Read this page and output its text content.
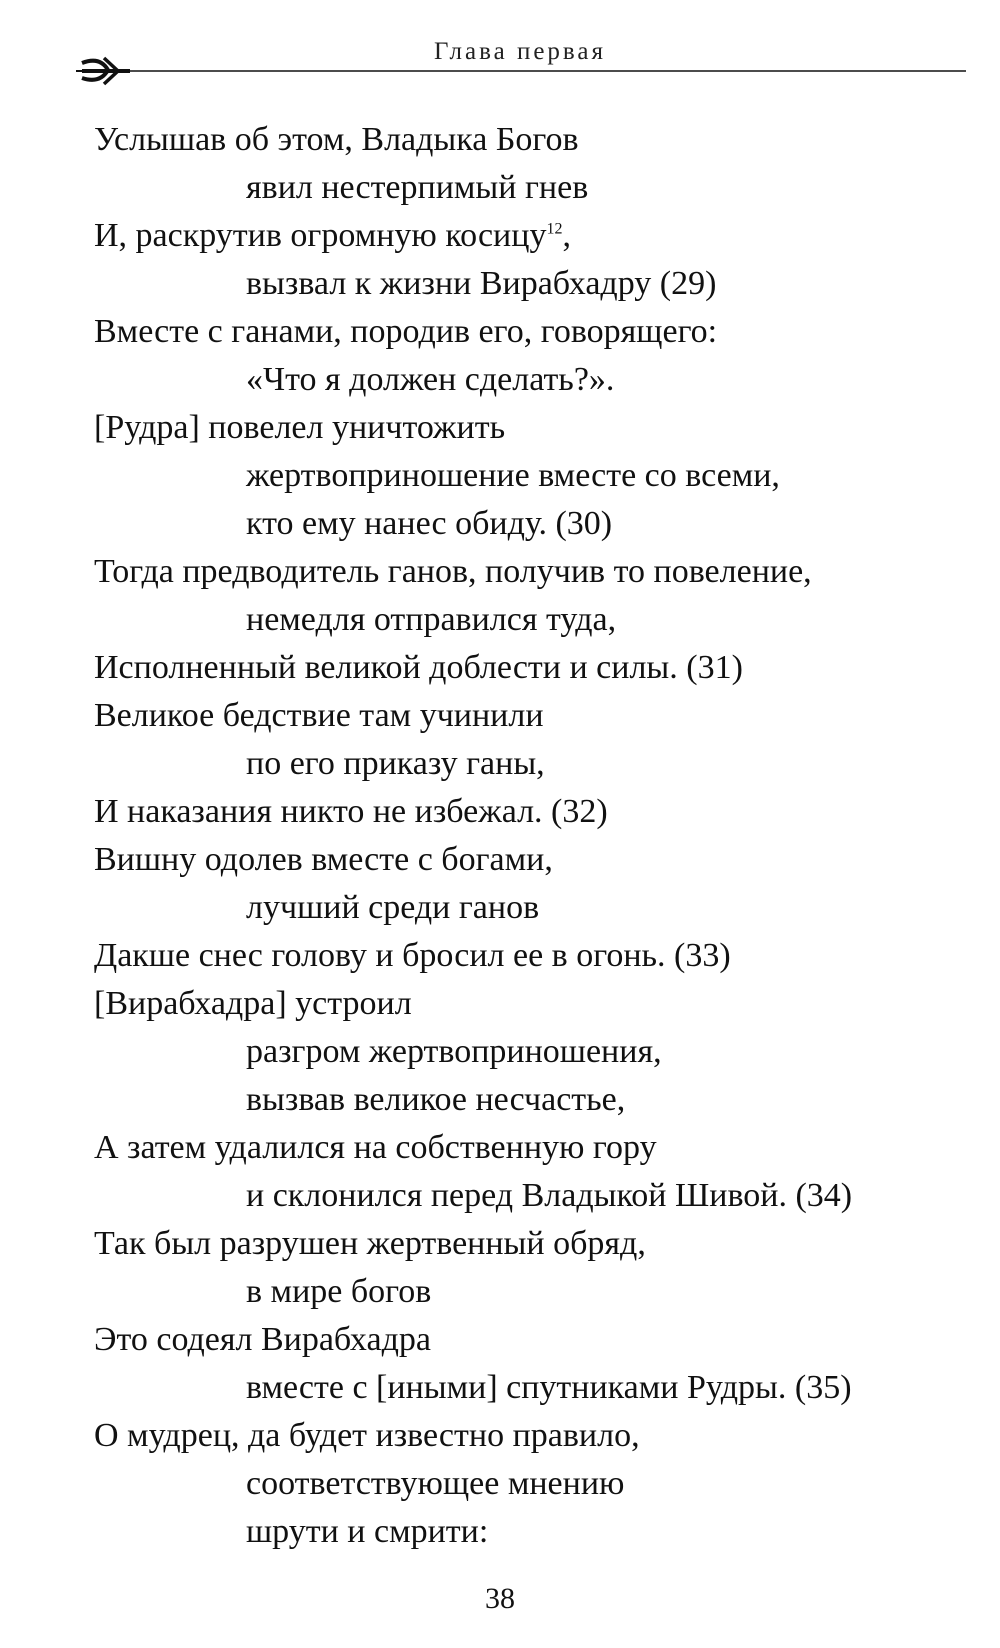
Глава первая
Услышав об этом, Владыка Богов
явил нестерпимый гнев
И, раскрутив огромную косицу$^{12}$,
вызвал к жизни Вирабхадру (29)
Вместе с ганами, породив его, говорящего:
«Что я должен сделать?».
[Рудра] повелел уничтожить
жертвоприношение вместе со всеми,
кто ему нанес обиду. (30)
Тогда предводитель ганов, получив то повеление,
немедля отправился туда,
Исполненный великой доблести и силы. (31)
Великое бедствие там учинили
по его приказу ганы,
И наказания никто не избежал. (32)
Вишну одолев вместе с богами,
лучший среди ганов
Дакше снес голову и бросил ее в огонь. (33)
[Вирабхадра] устроил
разгром жертвоприношения,
вызвав великое несчастье,
А затем удалился на собственную гору
и склонился перед Владыкой Шивой. (34)
Так был разрушен жертвенный обряд,
в мире богов
Это содеял Вирабхадра
вместе с [иными] спутниками Рудры. (35)
О мудрец, да будет известно правило,
соответствующее мнению
шрути и смрити:
38
